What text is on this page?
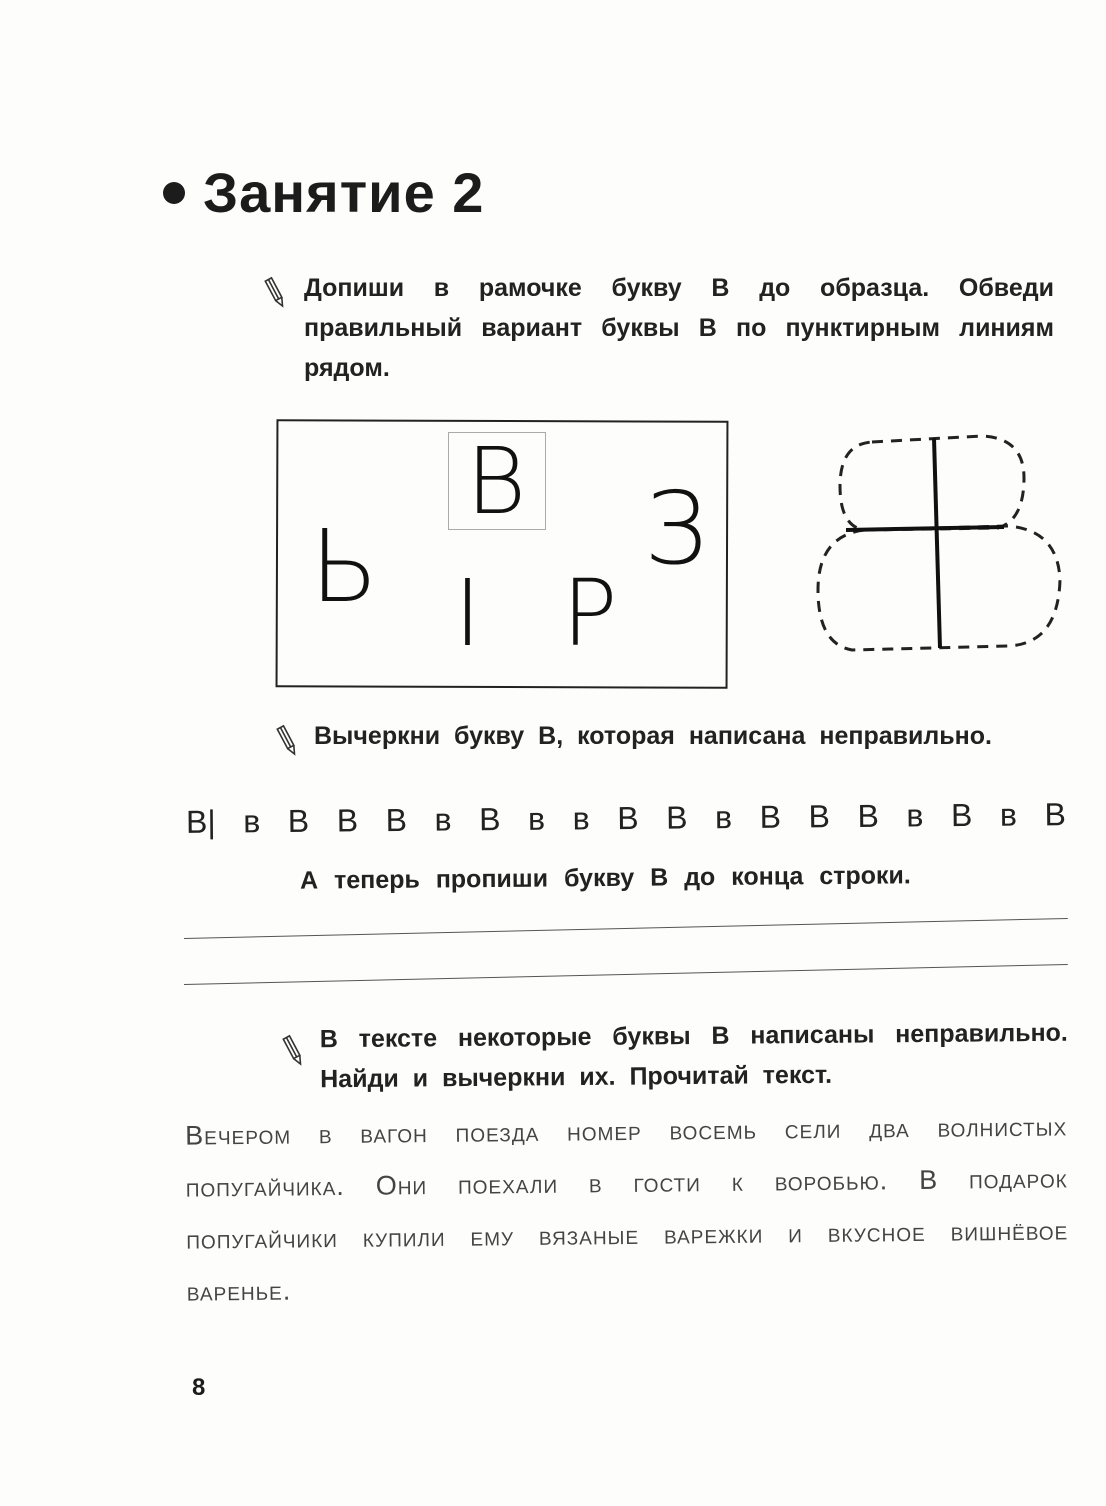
Занятие 2
Допиши в рамочке букву В до образца. Обведи правильный вариант буквы В по пунктирным линиям рядом.
В
Ь I Р
З
Вычеркни букву В, которая написана неправильно.
В| в В В В в В в в В В в В В В в В в В
А теперь пропиши букву В до конца строки.
В тексте некоторые буквы В написаны неправильно. Найди и вычеркни их. Прочитай текст.
Вечером в вагон поезда номер восемь сели два волнистых попугайчика. Они поехали в гости к воробью. В подарок попугайчики купили ему вязаные варежки и вкусное вишнёвое варенье.
8
